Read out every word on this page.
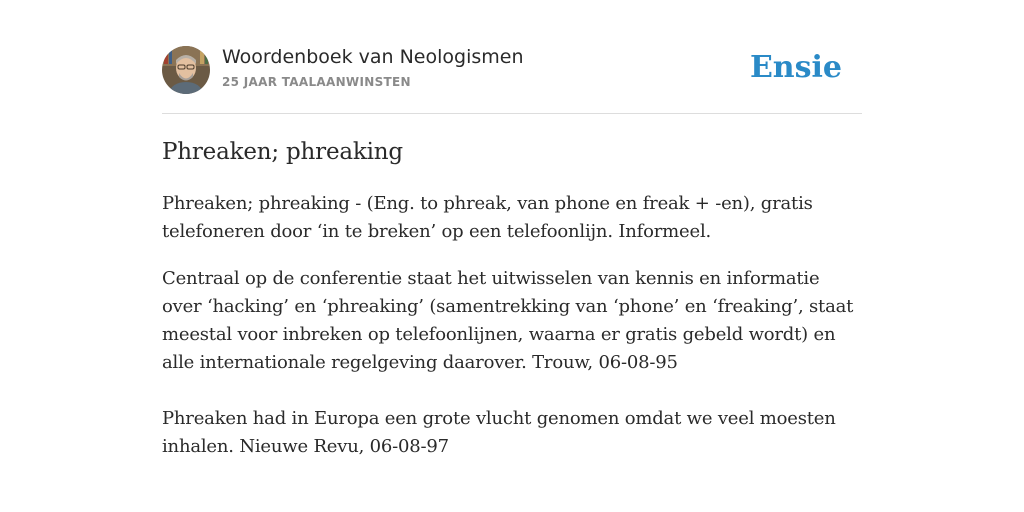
Woordenboek van Neologismen
25 JAAR TAALAANWINSTEN	Ensie
Phreaken; phreaking

Phreaken; phreaking - (Eng. to phreak, van phone en freak + -en), gratis telefoneren door ‘in te breken’ op een telefoonlijn. Informeel.

Centraal op de conferentie staat het uitwisselen van kennis en informatie over ‘hacking’ en ‘phreaking’ (samentrekking van ‘phone’ en ‘freaking’, staat meestal voor inbreken op telefoonlijnen, waarna er gratis gebeld wordt) en alle internationale regelgeving daarover. Trouw, 06-08-95

Phreaken had in Europa een grote vlucht genomen omdat we veel moesten inhalen. Nieuwe Revu, 06-08-97
